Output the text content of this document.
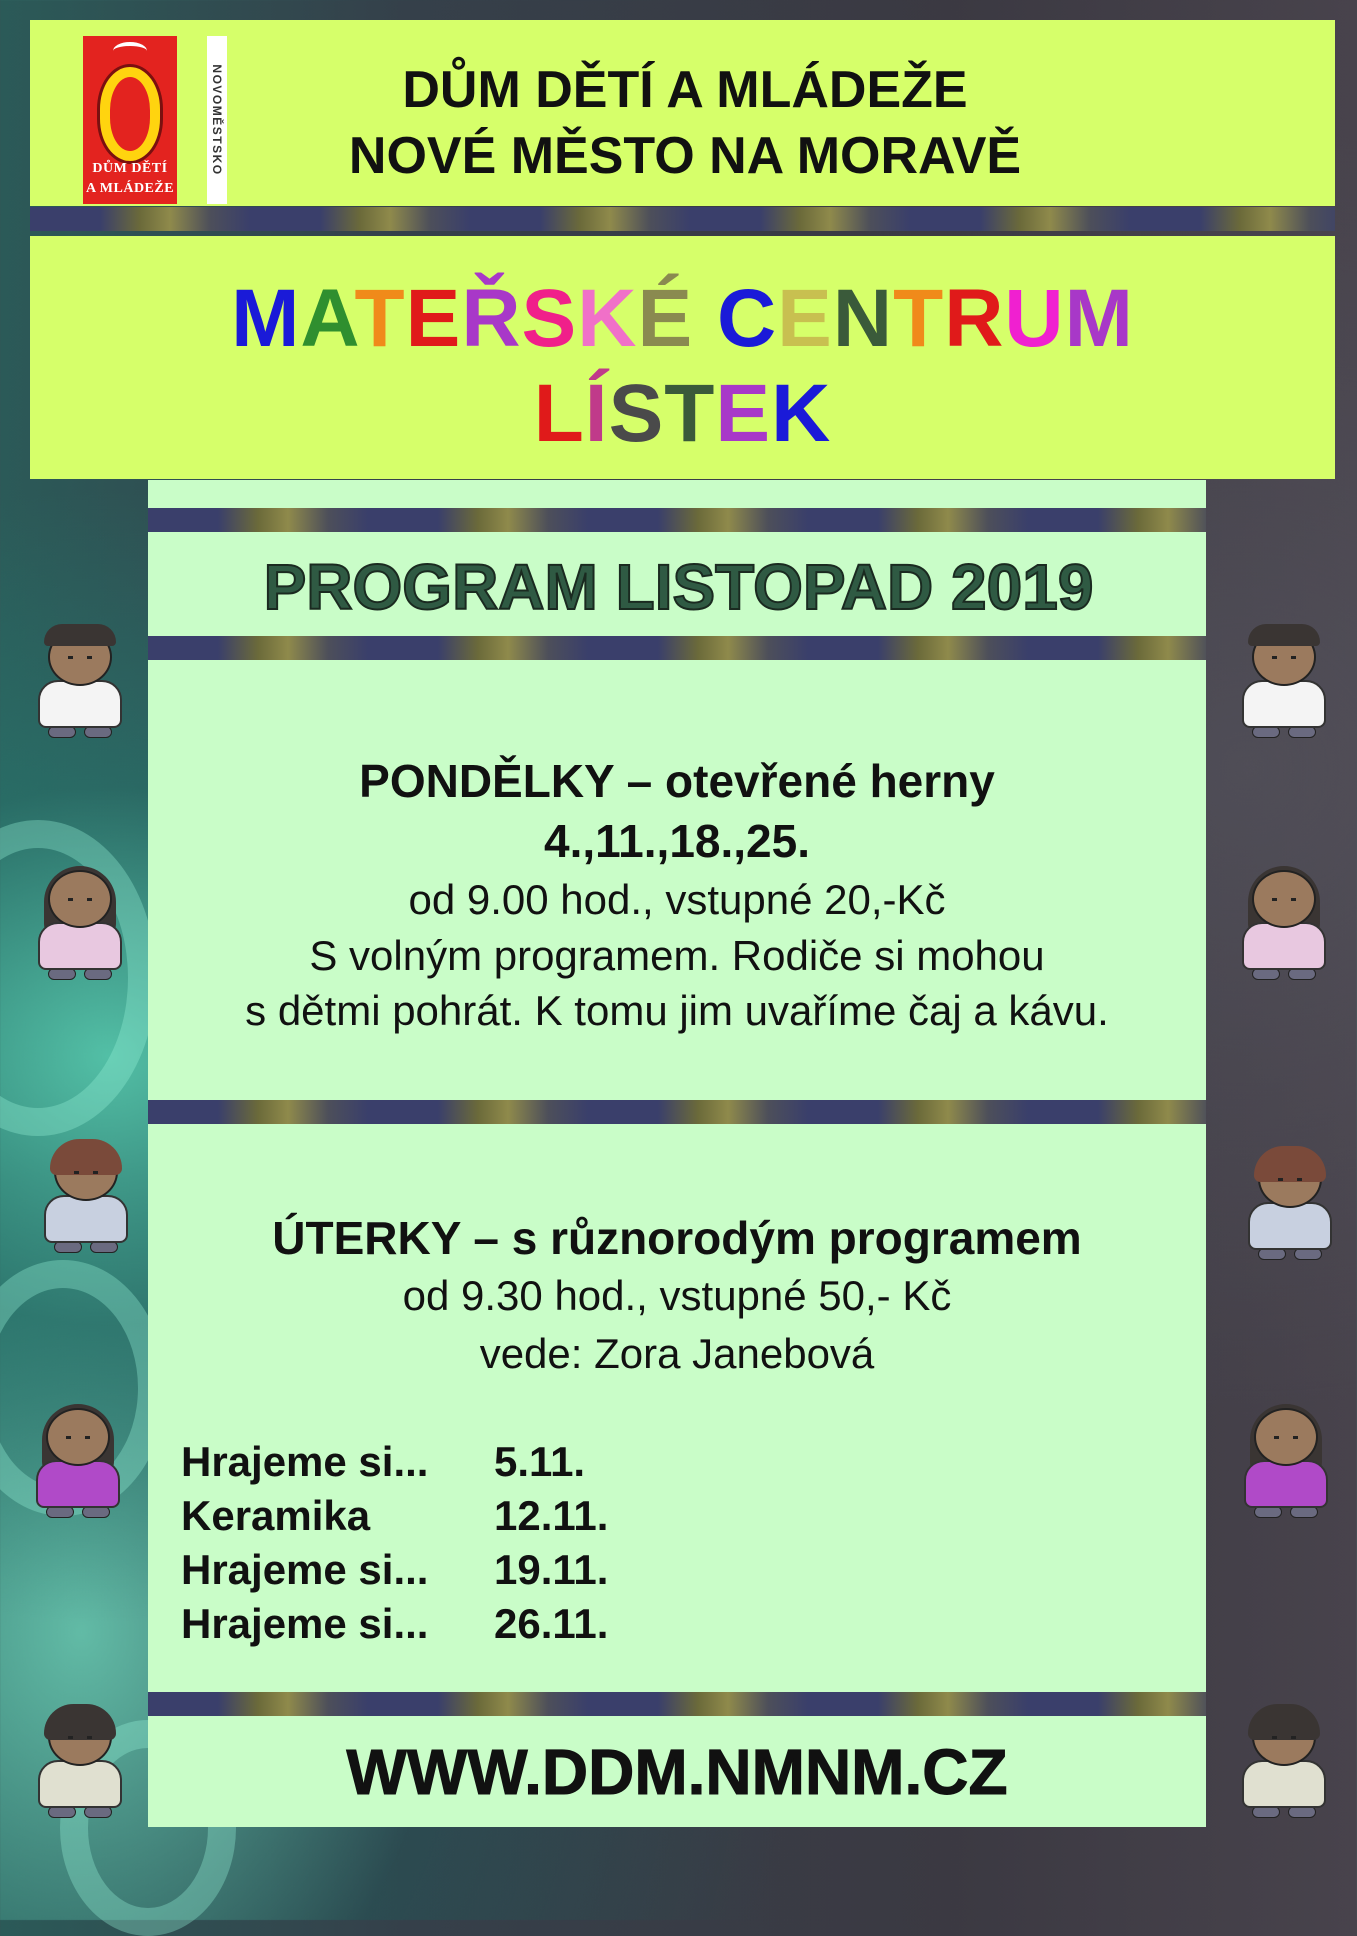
DŮM DĚTÍ
A MLÁDEŽE
NOVOMĚSTSKO	DŮM DĚTÍ A MLÁDEŽE
NOVÉ MĚSTO NA MORAVĚ
MATEŘSKÉ CENTRUM
LÍSTEK
PROGRAM LISTOPAD 2019
PONDĚLKY – otevřené herny
4.,11.,18.,25.
od 9.00 hod., vstupné 20,-Kč
S volným programem. Rodiče si mohou
s dětmi pohrát. K tomu jim uvaříme čaj a kávu.
ÚTERKY – s různorodým programem
od 9.30 hod., vstupné 50,- Kč
vede: Zora Janebová
Hrajeme si... 5.11.
Keramika	12.11.
Hrajeme si... 19.11.
Hrajeme si... 26.11.
WWW.DDM.NMNM.CZ
